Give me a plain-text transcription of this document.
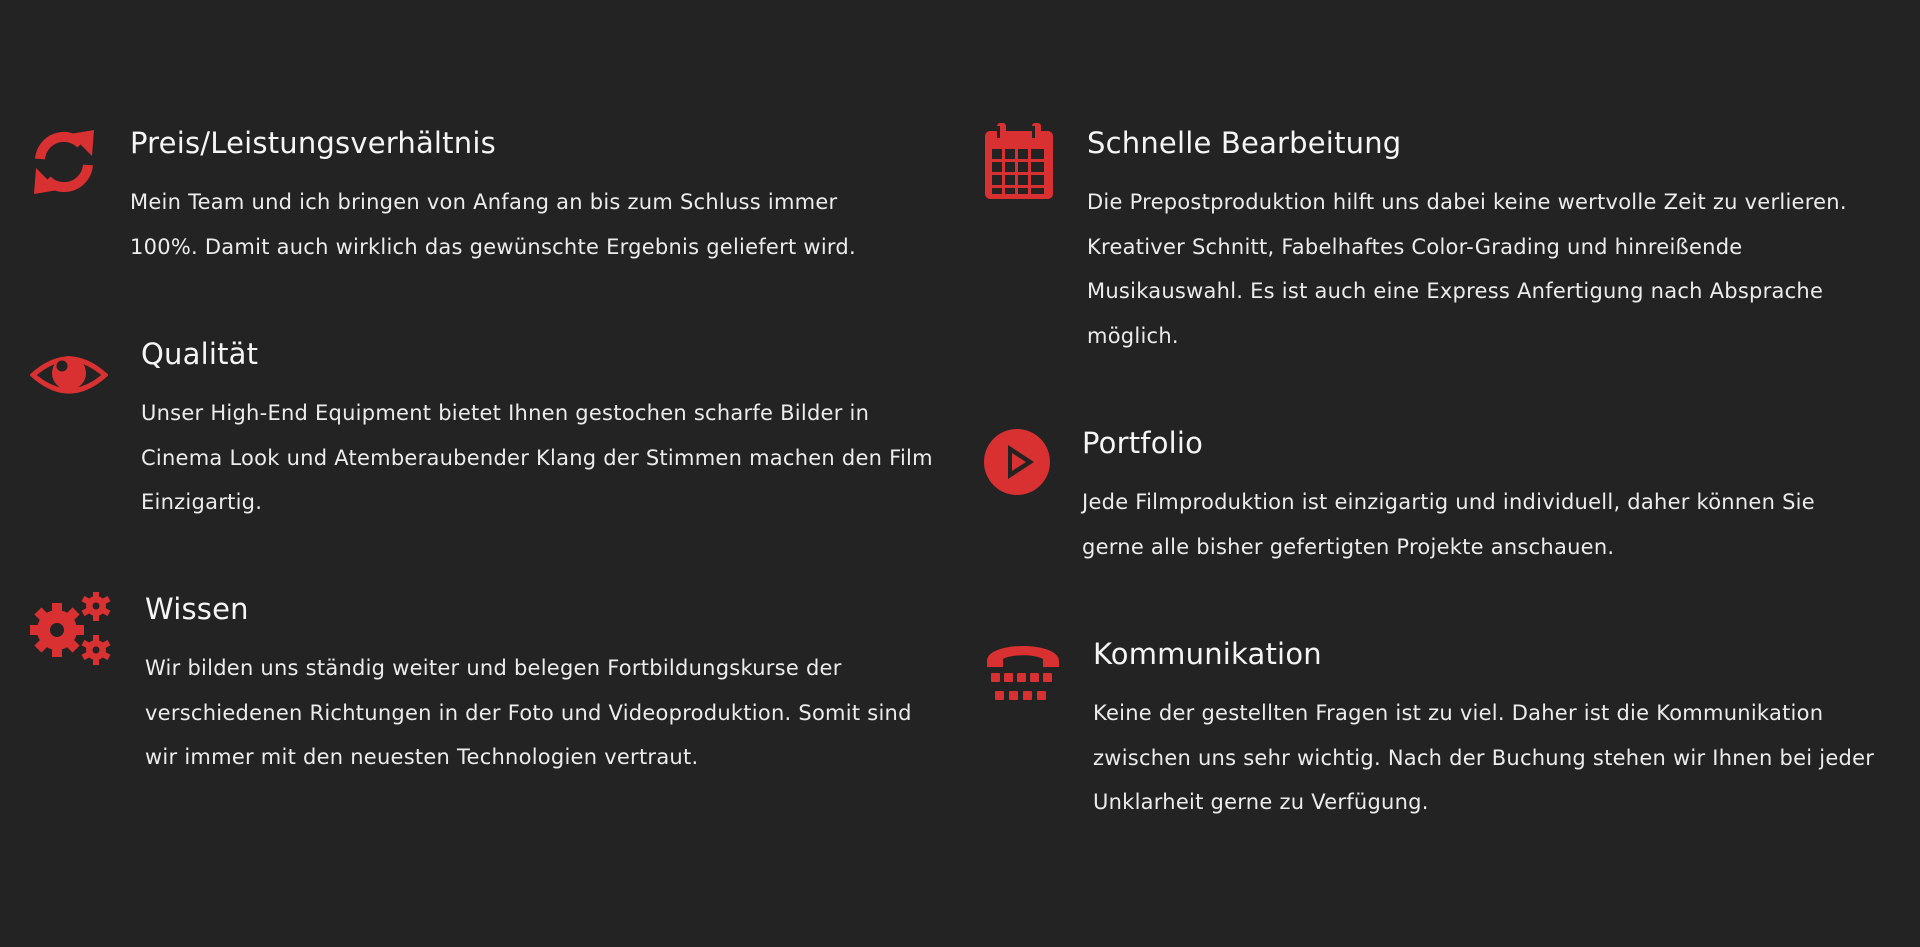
Preis/Leistungsverhältnis

Mein Team und ich bringen von Anfang an bis zum Schluss immer 100%. Damit auch wirklich das gewünschte Ergebnis geliefert wird.

Qualität

Unser High-End Equipment bietet Ihnen gestochen scharfe Bilder in Cinema Look und Atemberaubender Klang der Stimmen machen den Film Einzigartig.

Wissen

Wir bilden uns ständig weiter und belegen Fortbildungskurse der verschiedenen Richtungen in der Foto und Videoproduktion. Somit sind wir immer mit den neuesten Technologien vertraut.

Schnelle Bearbeitung

Die Prepostproduktion hilft uns dabei keine wertvolle Zeit zu verlieren. Kreativer Schnitt, Fabelhaftes Color-Grading und hinreißende Musikauswahl. Es ist auch eine Express Anfertigung nach Absprache möglich.

Portfolio

Jede Filmproduktion ist einzigartig und individuell, daher können Sie gerne alle bisher gefertigten Projekte anschauen.

Kommunikation

Keine der gestellten Fragen ist zu viel. Daher ist die Kommunikation zwischen uns sehr wichtig. Nach der Buchung stehen wir Ihnen bei jeder Unklarheit gerne zu Verfügung.
